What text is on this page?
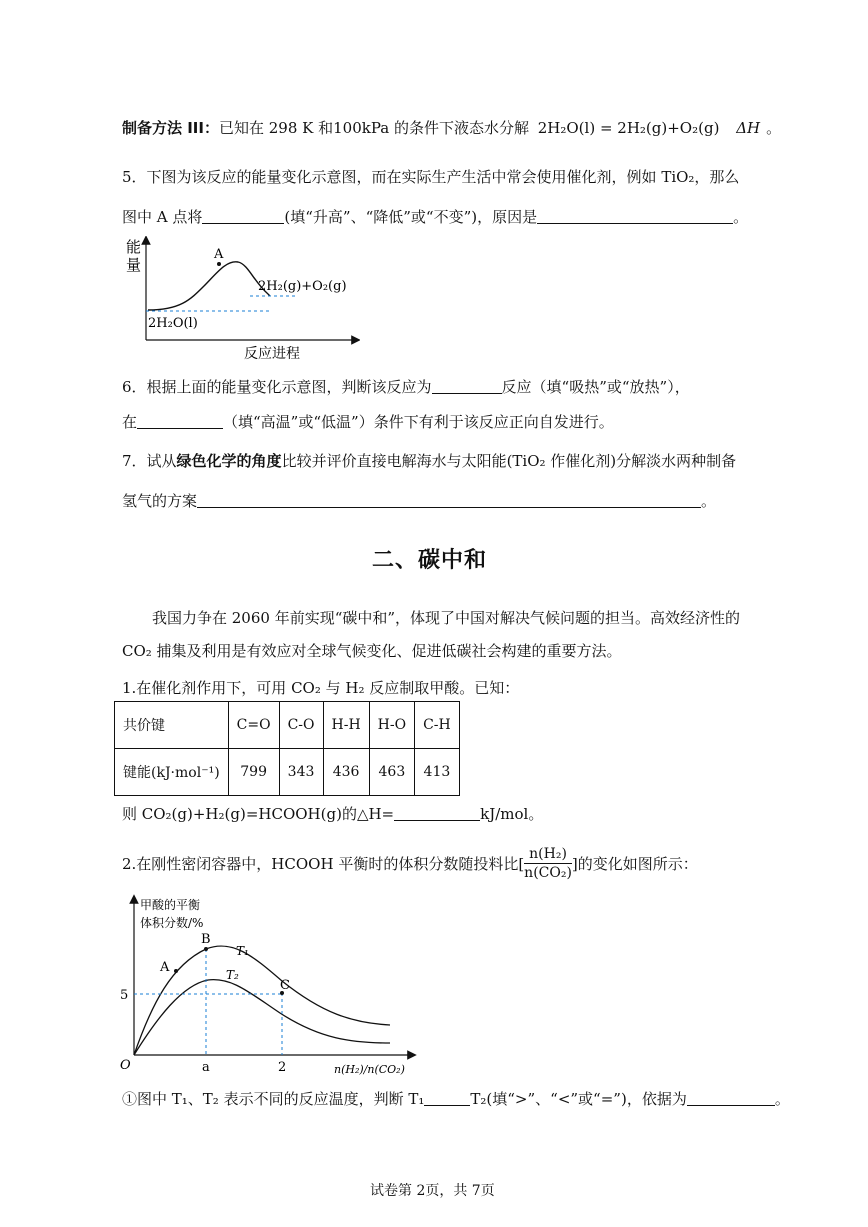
制备方法 III：已知在 298 K 和100kPa 的条件下液态水分解 2H₂O(l) = 2H₂(g)+O₂(g) ΔH 。
5．下图为该反应的能量变化示意图，而在实际生产生活中常会使用催化剂，例如 TiO₂，那么
图中 A 点将	(填“升高”、“降低”或“不变”)，原因是	。
能
量
A
2H₂(g)+O₂(g)
2H₂O(l)
反应进程
6．根据上面的能量变化示意图，判断该反应为	反应（填“吸热”或“放热”），
在	（填“高温”或“低温”）条件下有利于该反应正向自发进行。
7．试从绿色化学的角度比较并评价直接电解海水与太阳能(TiO₂ 作催化剂)分解淡水两种制备
氢气的方案	。
二、碳中和
我国力争在 2060 年前实现“碳中和”，体现了中国对解决气候问题的担当。高效经济性的
CO₂ 捕集及利用是有效应对全球气候变化、促进低碳社会构建的重要方法。
1.在催化剂作用下，可用 CO₂ 与 H₂ 反应制取甲酸。已知：
共价键	C=O	C-O	H-H	H-O	C-H
键能(kJ·mol⁻¹)	799	343	436	463	413
则 CO₂(g)+H₂(g)=HCOOH(g)的△H=	kJ/mol。
2.在刚性密闭容器中，HCOOH 平衡时的体积分数随投料比[ $\frac{\text{n(H₂)}}{\text{n(CO₂)}}$ ]的变化如图所示：
甲酸的平衡
体积分数/%
A
B
C
T₁
T₂
5
O	a	2	n(H₂)/n(CO₂)
①图中 T₁、T₂ 表示不同的反应温度，判断 T₁	T₂(填“>”、“<”或“=”)，依据为	。
试卷第 2页，共 7页
